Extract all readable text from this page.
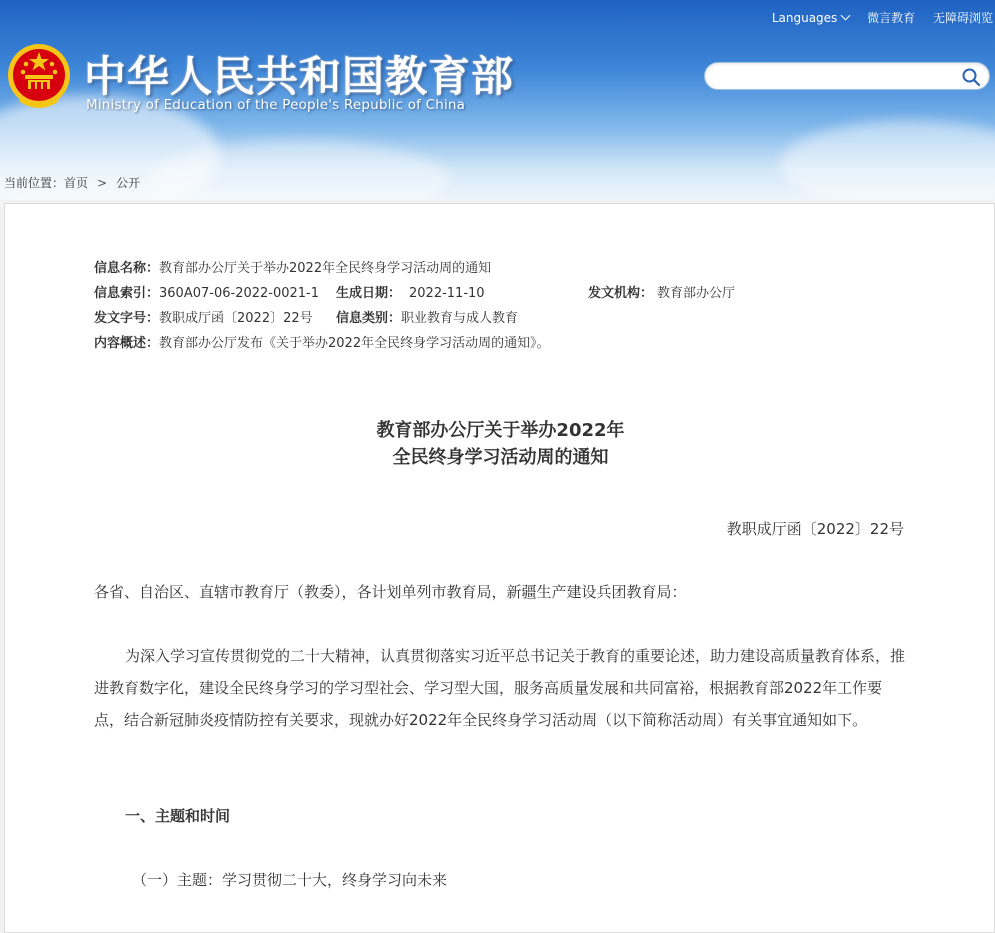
中华人民共和国教育部
Ministry of Education of the People's Republic of China
Languages 微言教育 无障碍浏览
当前位置：首页 > 公开
信息名称：教育部办公厅关于举办2022年全民终身学习活动周的通知
信息索引：360A07-06-2022-0021-1 生成日期： 2022-11-10	发文机构： 教育部办公厅
发文字号：教职成厅函〔2022〕22号 信息类别：职业教育与成人教育
内容概述：教育部办公厅发布《关于举办2022年全民终身学习活动周的通知》。
教育部办公厅关于举办2022年
全民终身学习活动周的通知
教职成厅函〔2022〕22号

各省、自治区、直辖市教育厅（教委），各计划单列市教育局，新疆生产建设兵团教育局：

为深入学习宣传贯彻党的二十大精神，认真贯彻落实习近平总书记关于教育的重要论述，助力建设高质量教育体系，推进教育数字化，建设全民终身学习的学习型社会、学习型大国，服务高质量发展和共同富裕，根据教育部2022年工作要点，结合新冠肺炎疫情防控有关要求，现就办好2022年全民终身学习活动周（以下简称活动周）有关事宜通知如下。

一、主题和时间

（一）主题：学习贯彻二十大，终身学习向未来
